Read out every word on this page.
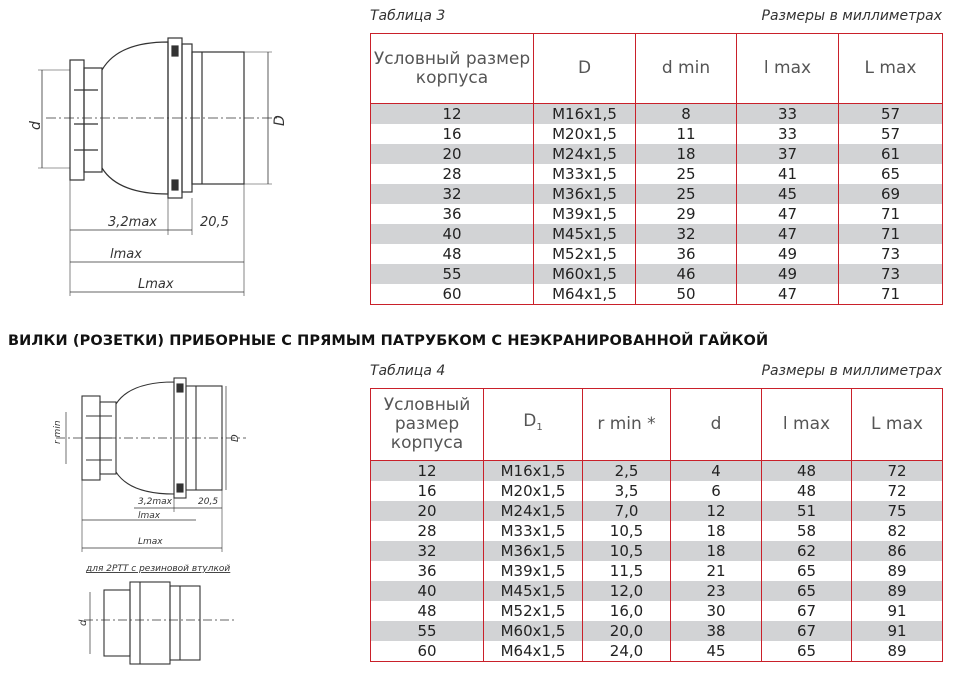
d	D
3,2max	20,5
lmax
Lmax
Таблица 3	Размеры в миллиметрах
Условный размер корпуса	D	d min	l max	L max
12	M16x1,5	8	33	57
16	M20x1,5	11	33	57
20	M24x1,5	18	37	61
28	M33x1,5	25	41	65
32	M36x1,5	25	45	69
36	M39x1,5	29	47	71
40	M45x1,5	32	47	71
48	M52x1,5	36	49	73
55	M60x1,5	46	49	73
60	M64x1,5	50	47	71
ВИЛКИ (РОЗЕТКИ) ПРИБОРНЫЕ С ПРЯМЫМ ПАТРУБКОМ С НЕЭКРАНИРОВАННОЙ ГАЙКОЙ
r min	D
3,2max	20,5
lmax
Lmax
для 2РТТ с резиновой втулкой
d
Таблица 4	Размеры в миллиметрах
Условный размер корпуса	$D_1$	r min *	d	l max	L max
12	M16x1,5	2,5	4	48	72
16	M20x1,5	3,5	6	48	72
20	M24x1,5	7,0	12	51	75
28	M33x1,5	10,5	18	58	82
32	M36x1,5	10,5	18	62	86
36	M39x1,5	11,5	21	65	89
40	M45x1,5	12,0	23	65	89
48	M52x1,5	16,0	30	67	91
55	M60x1,5	20,0	38	67	91
60	M64x1,5	24,0	45	65	89
